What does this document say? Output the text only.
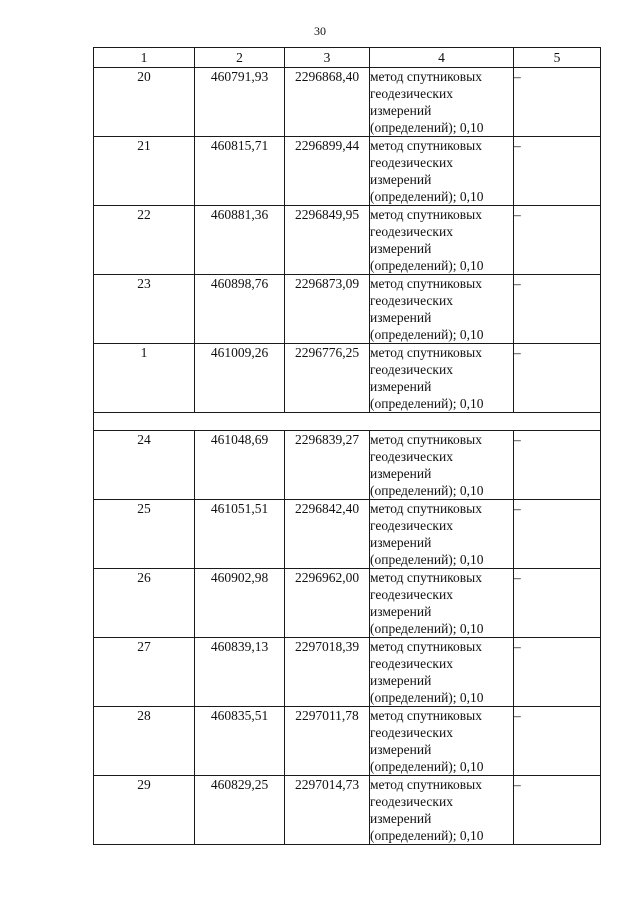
30
1	2	3	4	5
20	460791,93	2296868,40	метод спутниковых
геодезических
измерений
(определений); 0,10	–
21	460815,71	2296899,44	метод спутниковых
геодезических
измерений
(определений); 0,10	–
22	460881,36	2296849,95	метод спутниковых
геодезических
измерений
(определений); 0,10	–
23	460898,76	2296873,09	метод спутниковых
геодезических
измерений
(определений); 0,10	–
1	461009,26	2296776,25	метод спутниковых
геодезических
измерений
(определений); 0,10	–

24	461048,69	2296839,27	метод спутниковых
геодезических
измерений
(определений); 0,10	–
25	461051,51	2296842,40	метод спутниковых
геодезических
измерений
(определений); 0,10	–
26	460902,98	2296962,00	метод спутниковых
геодезических
измерений
(определений); 0,10	–
27	460839,13	2297018,39	метод спутниковых
геодезических
измерений
(определений); 0,10	–
28	460835,51	2297011,78	метод спутниковых
геодезических
измерений
(определений); 0,10	–
29	460829,25	2297014,73	метод спутниковых
геодезических
измерений
(определений); 0,10	–
